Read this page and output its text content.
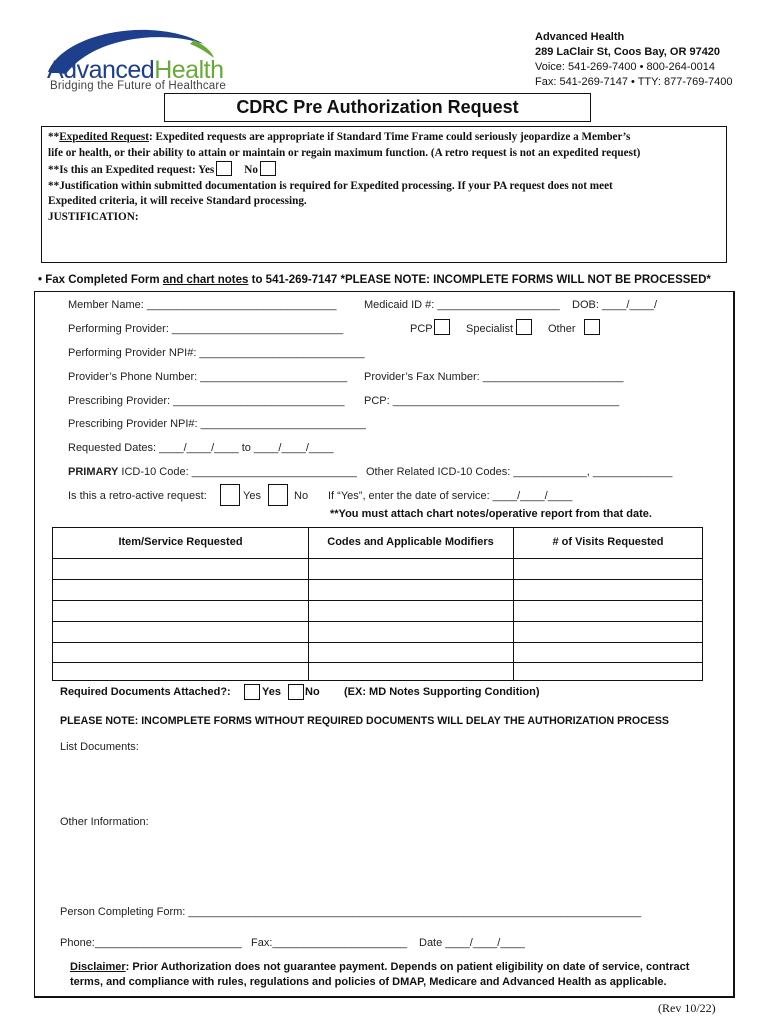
AdvancedHealth
Bridging the Future of Healthcare
Advanced Health
289 LaClair St, Coos Bay, OR 97420
Voice: 541-269-7400 • 800-264-0014
Fax: 541-269-7147 • TTY: 877-769-7400
CDRC Pre Authorization Request
**Expedited Request: Expedited requests are appropriate if Standard Time Frame could seriously jeopardize a Member’s
life or health, or their ability to attain or maintain or regain maximum function. (A retro request is not an expedited request)
**Is this an Expedited request: Yes	No
**Justification within submitted documentation is required for Expedited processing. If your PA request does not meet
Expedited criteria, it will receive Standard processing.
JUSTIFICATION:
• Fax Completed Form and chart notes to 541-269-7147 *PLEASE NOTE: INCOMPLETE FORMS WILL NOT BE PROCESSED*
Member Name: _______________________________ Medicaid ID #: ____________________ DOB: ____/____/
Performing Provider: ____________________________	PCP	Specialist	Other
Performing Provider NPI#: ___________________________
Provider’s Phone Number: ________________________ Provider’s Fax Number: _______________________
Prescribing Provider: ____________________________ PCP: _____________________________________
Prescribing Provider NPI#: ___________________________
Requested Dates: ____/____/____ to ____/____/____
PRIMARY ICD-10 Code: ___________________________ Other Related ICD-10 Codes: ____________, _____________
Is this a retro-active request:	Yes	No If “Yes”, enter the date of service: ____/____/____
**You must attach chart notes/operative report from that date.
Item/Service Requested	Codes and Applicable Modifiers	# of Visits Requested
Required Documents Attached?:	Yes No (EX: MD Notes Supporting Condition)
PLEASE NOTE: INCOMPLETE FORMS WITHOUT REQUIRED DOCUMENTS WILL DELAY THE AUTHORIZATION PROCESS
List Documents:
Other Information:
Person Completing Form: __________________________________________________________________________
Phone:________________________ Fax:______________________ Date ____/____/____
Disclaimer: Prior Authorization does not guarantee payment. Depends on patient eligibility on date of service, contract
terms, and compliance with rules, regulations and policies of DMAP, Medicare and Advanced Health as applicable.
(Rev 10/22)
